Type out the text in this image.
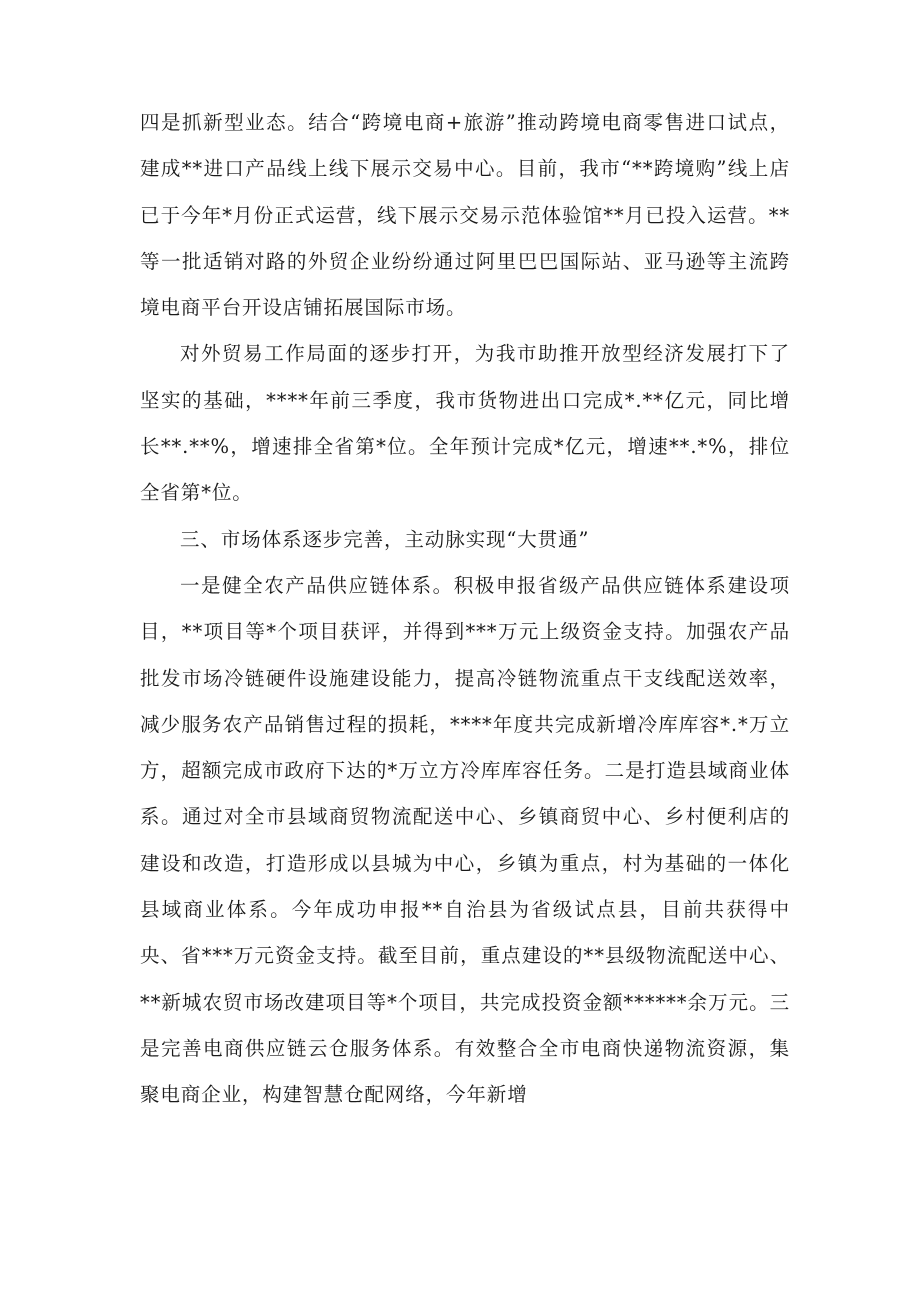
四是抓新型业态。结合“跨境电商+旅游”推动跨境电商零售进口试点，建成**进口产品线上线下展示交易中心。目前，我市“**跨境购”线上店已于今年*月份正式运营，线下展示交易示范体验馆**月已投入运营。**等一批适销对路的外贸企业纷纷通过阿里巴巴国际站、亚马逊等主流跨境电商平台开设店铺拓展国际市场。

对外贸易工作局面的逐步打开，为我市助推开放型经济发展打下了坚实的基础，****年前三季度，我市货物进出口完成*.**亿元，同比增长**.**%，增速排全省第*位。全年预计完成*亿元，增速**.*%，排位全省第*位。

三、市场体系逐步完善，主动脉实现“大贯通”

一是健全农产品供应链体系。积极申报省级产品供应链体系建设项目，**项目等*个项目获评，并得到***万元上级资金支持。加强农产品批发市场冷链硬件设施建设能力，提高冷链物流重点干支线配送效率，减少服务农产品销售过程的损耗，****年度共完成新增冷库库容*.*万立方，超额完成市政府下达的*万立方冷库库容任务。二是打造县域商业体系。通过对全市县域商贸物流配送中心、乡镇商贸中心、乡村便利店的建设和改造，打造形成以县城为中心，乡镇为重点，村为基础的一体化县域商业体系。今年成功申报**自治县为省级试点县，目前共获得中央、省***万元资金支持。截至目前，重点建设的**县级物流配送中心、**新城农贸市场改建项目等*个项目，共完成投资金额******余万元。三是完善电商供应链云仓服务体系。有效整合全市电商快递物流资源，集聚电商企业，构建智慧仓配网络，今年新增
